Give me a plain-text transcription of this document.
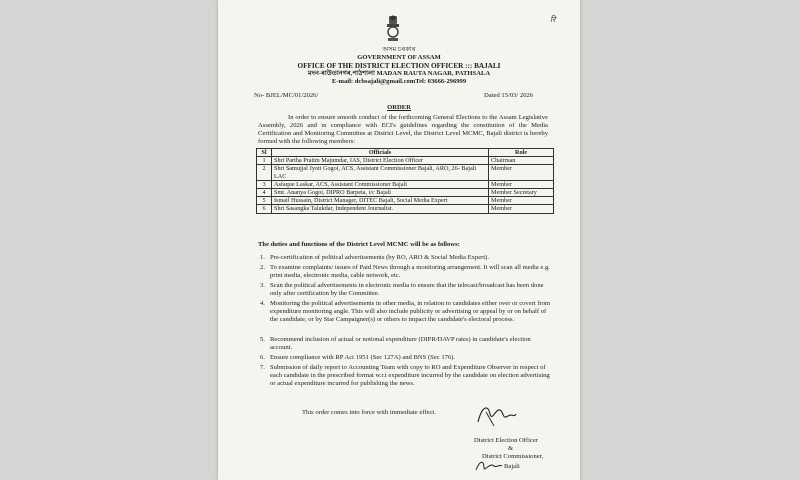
रि
অসম চৰকাৰ
GOVERNMENT OF ASSAM
OFFICE OF THE DISTRICT ELECTION OFFICER ::: BAJALI
মদন-ৰাউতানগৰ,পাঠশালা MADAN RAUTA NAGAR, PATHSALA
E-mail: dcbsajali@gmail.comTel: 03666-296999
No- BJEL/MC/01/2026/	Dated 15/03/ 2026
ORDER
In order to ensure smooth conduct of the forthcoming General Elections to the Assam Legislative Assembly, 2026 and in compliance with ECI's guidelines regarding the constitution of the Media Certification and Monitoring Committee at District Level, the District Level MCMC, Bajali district is hereby formed with the following members:
Sl	Officials	Role
1	Shri Partha Pratim Majumdar, IAS, District Election Officer	Chairman
2	Shri Samujjal Jyoti Gogoi, ACS, Assistant Commissioner Bajali, ARO, 26- Bajali LAC	Member
3	Asfaque Laskar, ACS, Assistant Commissioner Bajali	Member
4	Smt. Ananya Gogoi, DIPRO Barpeta, i/c Bajali	Member Secretary
5	Ismail Hussain, District Manager, DITEC Bajali, Social Media Expert	Member
6	Shri Sasangka Talukdar, Independent Journalist.	Member
The duties and functions of the District Level MCMC will be as follows:
1. Pre-certification of political advertisements (by RO, ARO & Social Media Expert).
2. To examine complaints/ issues of Paid News through a monitoring arrangement. It will scan all media e.g. print media, electronic media, cable network, etc.
3. Scan the political advertisements in electronic media to ensure that the telecast/broadcast has been done only after certification by the Committee.
4. Monitoring the political advertisements in other media, in relation to candidates either over or covert from expenditure monitoring angle. This will also include publicity or advertising or appeal by or on behalf of the candidate, or by Star Campaigner(s) or others to impact the candidate's electoral process.
5. Recommend inclusion of actual or notional expenditure (DIPR/DAVP rates) in candidate's election account.
6. Ensure compliance with RP Act 1951 (Sec 127A) and BNS (Sec 176).
7. Submission of daily report to Accounting Team with copy to RO and Expenditure Observer in respect of each candidate in the prescribed format w.r.t expenditure incurred by the candidate on election advertising or actual expenditure incurred for publishing the news.
This order comes into force with immediate effect.
District Election Officer
&
District Commissioner,
Bajali
